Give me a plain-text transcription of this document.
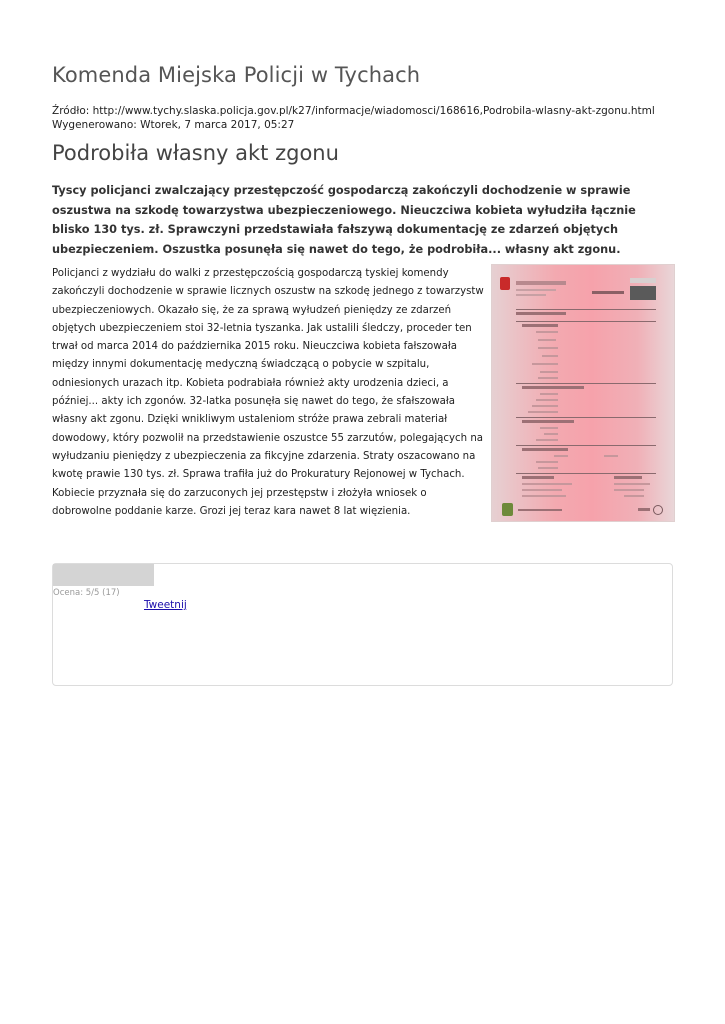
Komenda Miejska Policji w Tychach
Źródło: http://www.tychy.slaska.policja.gov.pl/k27/informacje/wiadomosci/168616,Podrobila-wlasny-akt-zgonu.html
Wygenerowano: Wtorek, 7 marca 2017, 05:27
Podrobiła własny akt zgonu

Tyscy policjanci zwalczający przestępczość gospodarczą zakończyli dochodzenie w sprawie oszustwa na szkodę towarzystwa ubezpieczeniowego. Nieuczciwa kobieta wyłudziła łącznie blisko 130 tys. zł. Sprawczyni przedstawiała fałszywą dokumentację ze zdarzeń objętych ubezpieczeniem. Oszustka posunęła się nawet do tego, że podrobiła... własny akt zgonu.

Policjanci z wydziału do walki z przestępczością gospodarczą tyskiej komendy zakończyli dochodzenie w sprawie licznych oszustw na szkodę jednego z towarzystw ubezpieczeniowych. Okazało się, że za sprawą wyłudzeń pieniędzy ze zdarzeń objętych ubezpieczeniem stoi 32-letnia tyszanka. Jak ustalili śledczy, proceder ten trwał od marca 2014 do października 2015 roku. Nieuczciwa kobieta fałszowała między innymi dokumentację medyczną świadczącą o pobycie w szpitalu, odniesionych urazach itp. Kobieta podrabiała również akty urodzenia dzieci, a później... akty ich zgonów. 32-latka posunęła się nawet do tego, że sfałszowała własny akt zgonu. Dzięki wnikliwym ustaleniom stróże prawa zebrali materiał dowodowy, który pozwolił na przedstawienie oszustce 55 zarzutów, polegających na wyłudzaniu pieniędzy z ubezpieczenia za fikcyjne zdarzenia. Straty oszacowano na kwotę prawie 130 tys. zł. Sprawa trafiła już do Prokuratury Rejonowej w Tychach. Kobiecie przyznała się do zarzuconych jej przestępstw i złożyła wniosek o dobrowolne poddanie karze. Grozi jej teraz kara nawet 8 lat więzienia.

Ocena: 5/5 (17)
Tweetnij
